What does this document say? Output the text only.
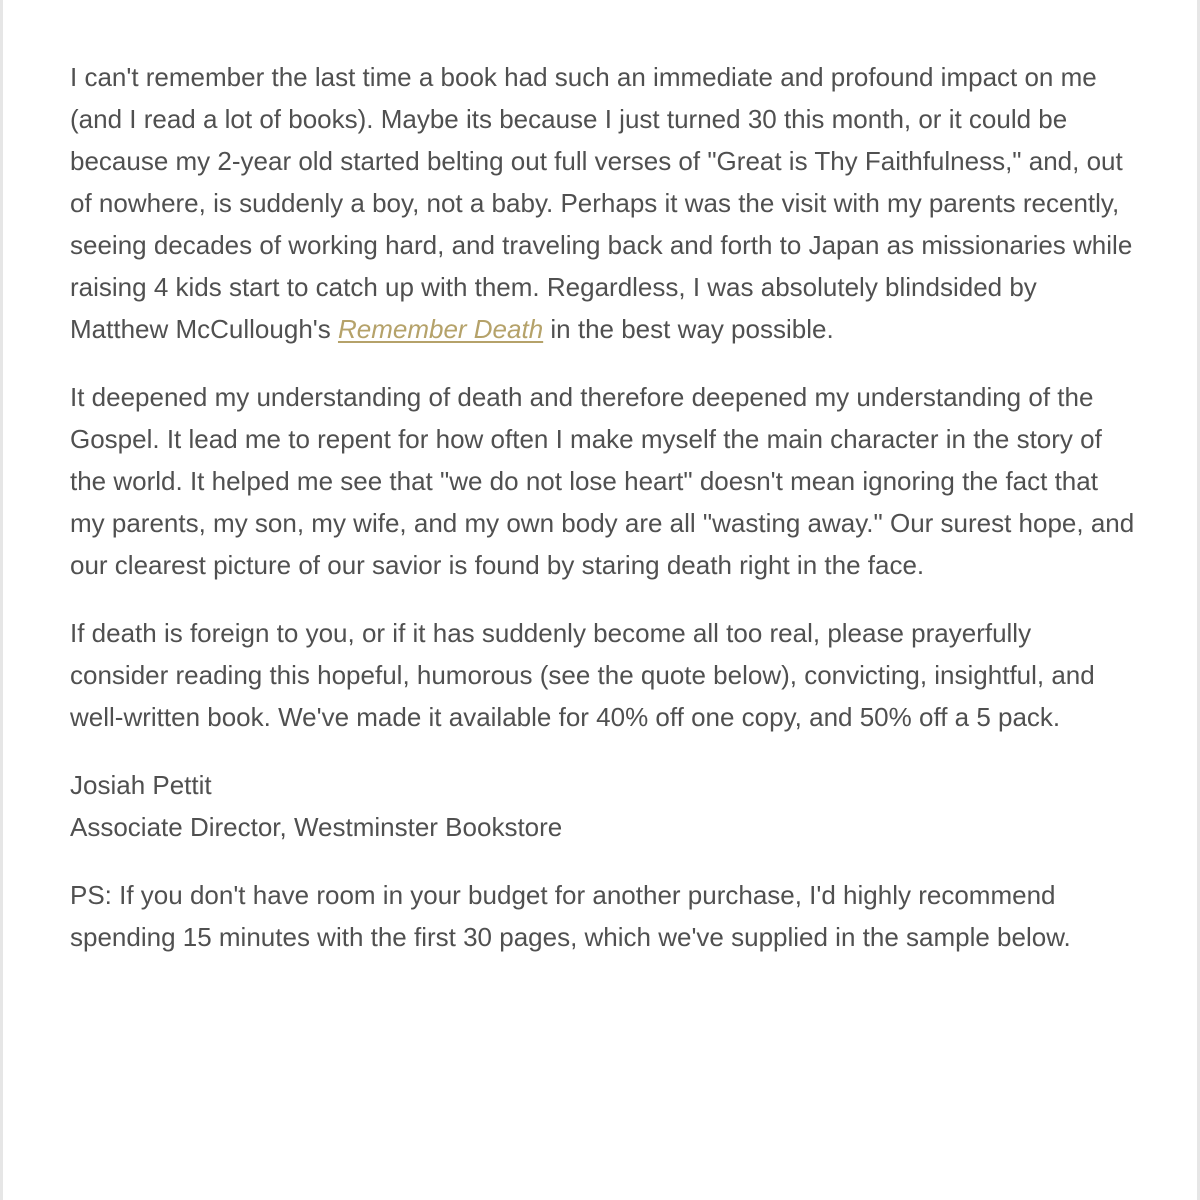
I can't remember the last time a book had such an immediate and profound impact on me (and I read a lot of books). Maybe its because I just turned 30 this month, or it could be because my 2-year old started belting out full verses of "Great is Thy Faithfulness," and, out of nowhere, is suddenly a boy, not a baby. Perhaps it was the visit with my parents recently, seeing decades of working hard, and traveling back and forth to Japan as missionaries while raising 4 kids start to catch up with them. Regardless, I was absolutely blindsided by Matthew McCullough's Remember Death in the best way possible.

It deepened my understanding of death and therefore deepened my understanding of the Gospel. It lead me to repent for how often I make myself the main character in the story of the world. It helped me see that "we do not lose heart" doesn't mean ignoring the fact that my parents, my son, my wife, and my own body are all "wasting away." Our surest hope, and our clearest picture of our savior is found by staring death right in the face.

If death is foreign to you, or if it has suddenly become all too real, please prayerfully consider reading this hopeful, humorous (see the quote below), convicting, insightful, and well-written book. We've made it available for 40% off one copy, and 50% off a 5 pack.

Josiah Pettit
Associate Director, Westminster Bookstore

PS: If you don't have room in your budget for another purchase, I'd highly recommend spending 15 minutes with the first 30 pages, which we've supplied in the sample below.
